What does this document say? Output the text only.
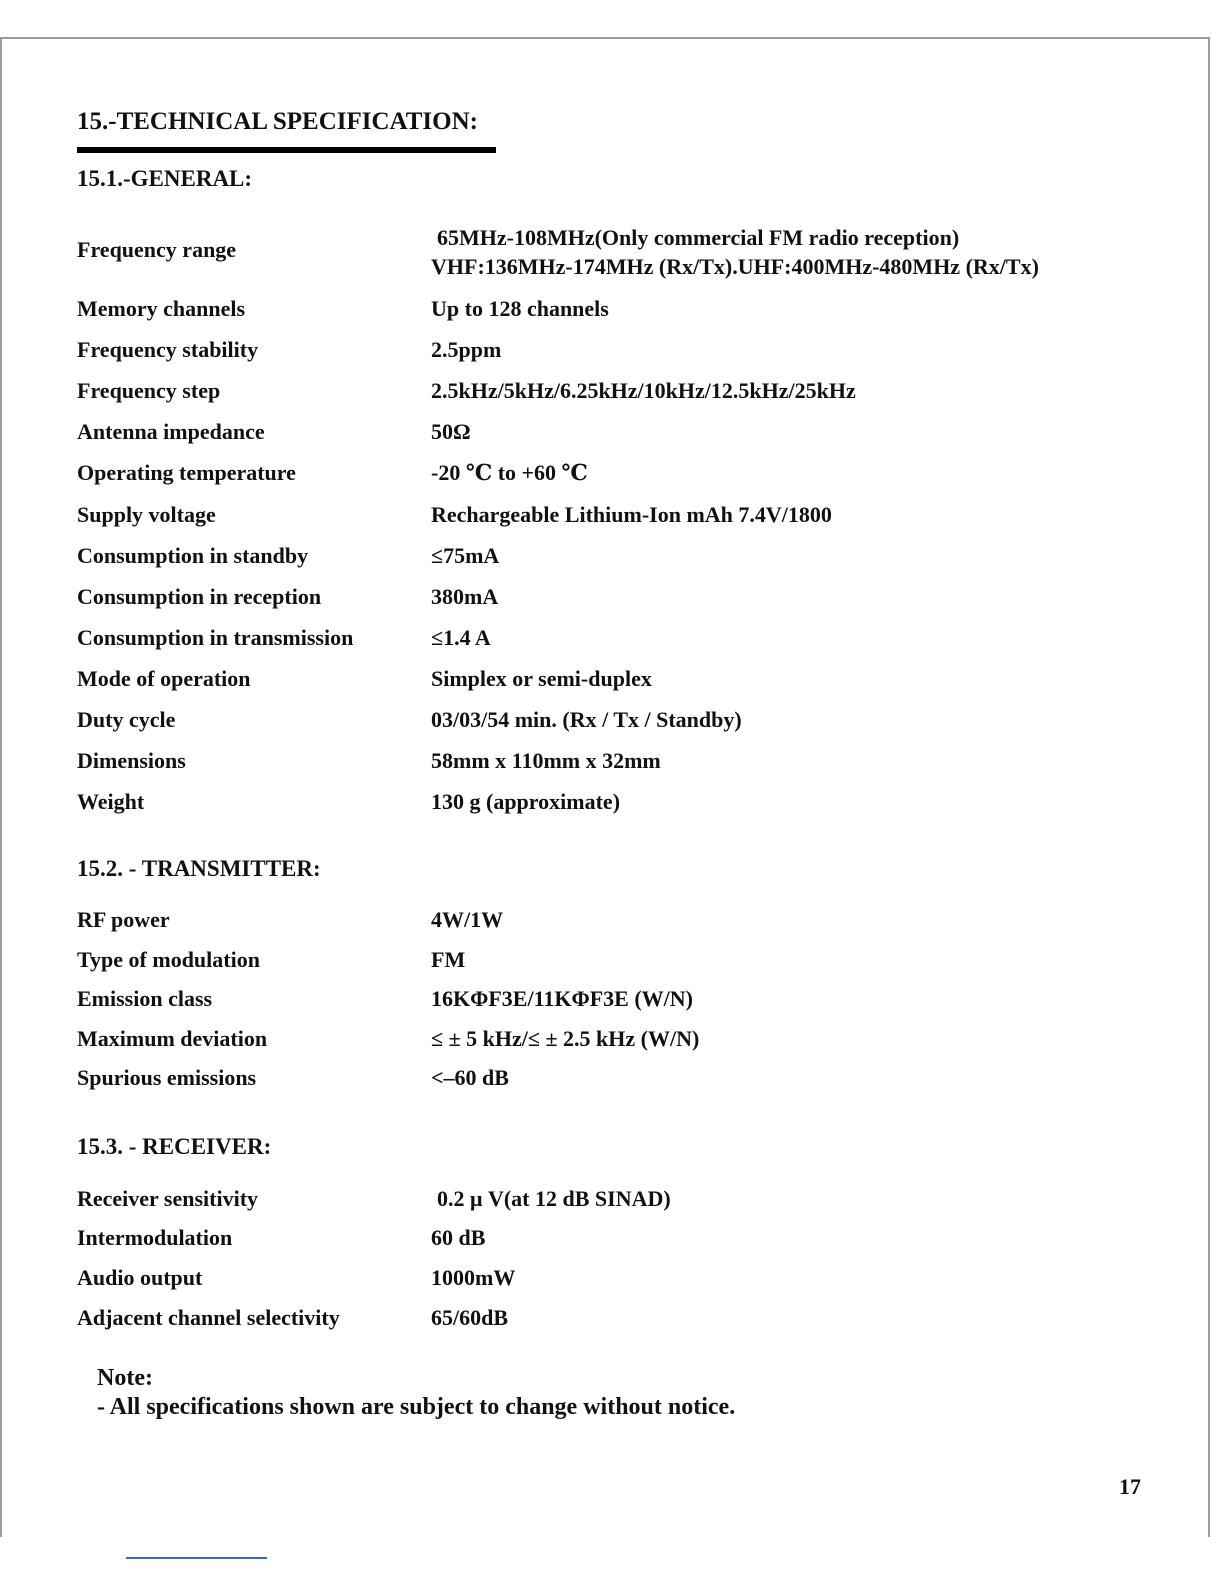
15.-TECHNICAL SPECIFICATION:
15.1.-GENERAL:
Frequency range	65MHz-108MHz(Only commercial FM radio reception)
VHF:136MHz-174MHz (Rx/Tx).UHF:400MHz-480MHz (Rx/Tx)
Memory channels	Up to 128 channels
Frequency stability	2.5ppm
Frequency step	2.5kHz/5kHz/6.25kHz/10kHz/12.5kHz/25kHz
Antenna impedance	50Ω
Operating temperature	-20 ℃ to +60 ℃
Supply voltage	Rechargeable Lithium-Ion mAh 7.4V/1800
Consumption in standby	≤75mA
Consumption in reception	380mA
Consumption in transmission	≤1.4 A
Mode of operation	Simplex or semi-duplex
Duty cycle	03/03/54 min. (Rx / Tx / Standby)
Dimensions	58mm x 110mm x 32mm
Weight	130 g (approximate)
15.2. - TRANSMITTER:
RF power	4W/1W
Type of modulation	FM
Emission class	16KΦF3E/11KΦF3E (W/N)
Maximum deviation	≤ ± 5 kHz/≤ ± 2.5 kHz (W/N)
Spurious emissions	<–60 dB
15.3. - RECEIVER:
Receiver sensitivity	0.2 μ V(at 12 dB SINAD)
Intermodulation	60 dB
Audio output	1000mW
Adjacent channel selectivity	65/60dB
Note:
- All specifications shown are subject to change without notice.
17
